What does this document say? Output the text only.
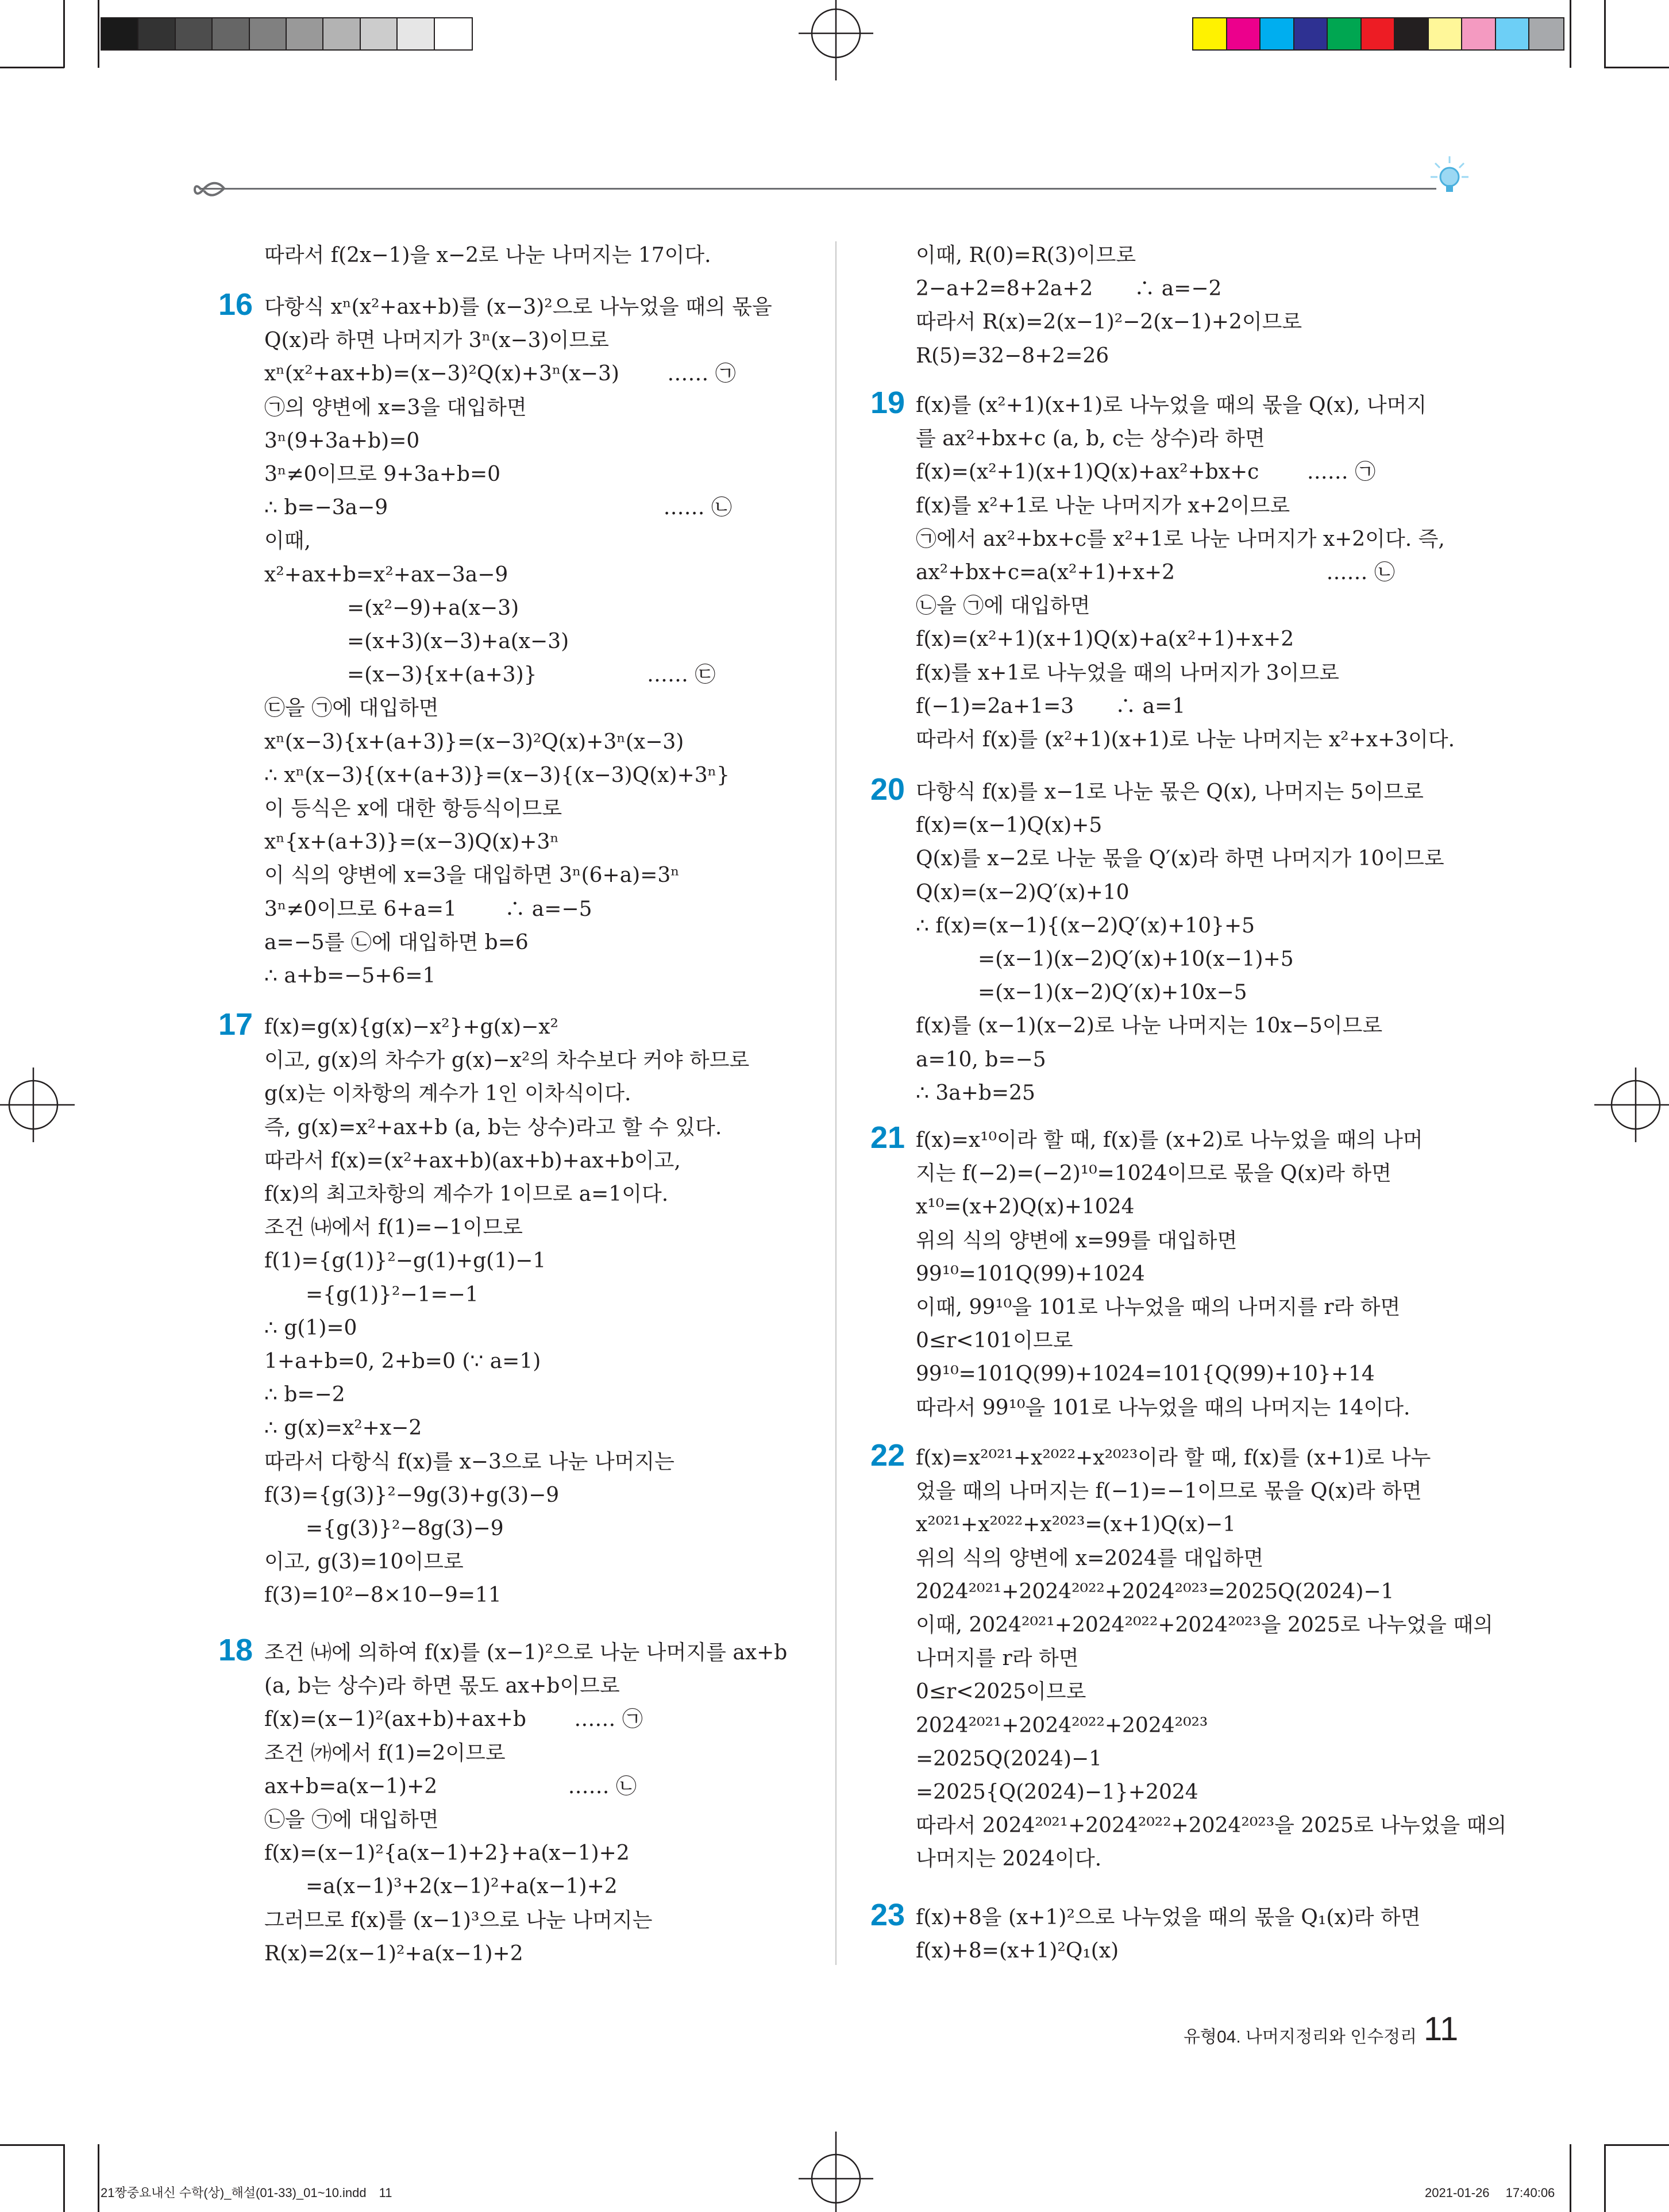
따라서 f(2x−1)을 x−2로 나눈 나머지는 17이다.
16 다항식 xⁿ(x²+ax+b)를 (x−3)²으로 나누었을 때의 몫을
Q(x)라 하면 나머지가 3ⁿ(x−3)이므로
xⁿ(x²+ax+b)=(x−3)²Q(x)+3ⁿ(x−3)　　 …… ㉠
㉠의 양변에 x=3을 대입하면
3ⁿ(9+3a+b)=0
3ⁿ≠0이므로 9+3a+b=0
∴ b=−3a−9　　　　　　　　　　　　　 …… ㉡
이때,
x²+ax+b=x²+ax−3a−9
　　　　=(x²−9)+a(x−3)
　　　　=(x+3)(x−3)+a(x−3)
　　　　=(x−3){x+(a+3)}　　　　　 …… ㉢
㉢을 ㉠에 대입하면
xⁿ(x−3){x+(a+3)}=(x−3)²Q(x)+3ⁿ(x−3)
∴ xⁿ(x−3){(x+(a+3)}=(x−3){(x−3)Q(x)+3ⁿ}
이 등식은 x에 대한 항등식이므로
xⁿ{x+(a+3)}=(x−3)Q(x)+3ⁿ
이 식의 양변에 x=3을 대입하면 3ⁿ(6+a)=3ⁿ
3ⁿ≠0이므로 6+a=1　　 ∴ a=−5
a=−5를 ㉡에 대입하면 b=6
∴ a+b=−5+6=1
17 f(x)=g(x){g(x)−x²}+g(x)−x²
이고, g(x)의 차수가 g(x)−x²의 차수보다 커야 하므로
g(x)는 이차항의 계수가 1인 이차식이다.
즉, g(x)=x²+ax+b (a, b는 상수)라고 할 수 있다.
따라서 f(x)=(x²+ax+b)(ax+b)+ax+b이고,
f(x)의 최고차항의 계수가 1이므로 a=1이다.
조건 ㈏에서 f(1)=−1이므로
f(1)={g(1)}²−g(1)+g(1)−1
　　={g(1)}²−1=−1
∴ g(1)=0
1+a+b=0, 2+b=0 (∵ a=1)
∴ b=−2
∴ g(x)=x²+x−2
따라서 다항식 f(x)를 x−3으로 나눈 나머지는
f(3)={g(3)}²−9g(3)+g(3)−9
　　={g(3)}²−8g(3)−9
이고, g(3)=10이므로
f(3)=10²−8×10−9=11
18 조건 ㈏에 의하여 f(x)를 (x−1)²으로 나눈 나머지를 ax+b
(a, b는 상수)라 하면 몫도 ax+b이므로
f(x)=(x−1)²(ax+b)+ax+b　　 …… ㉠
조건 ㈎에서 f(1)=2이므로
ax+b=a(x−1)+2　　　　　　 …… ㉡
㉡을 ㉠에 대입하면
f(x)=(x−1)²{a(x−1)+2}+a(x−1)+2
　　=a(x−1)³+2(x−1)²+a(x−1)+2
그러므로 f(x)를 (x−1)³으로 나눈 나머지는
R(x)=2(x−1)²+a(x−1)+2
이때, R(0)=R(3)이므로
2−a+2=8+2a+2　　∴ a=−2
따라서 R(x)=2(x−1)²−2(x−1)+2이므로
R(5)=32−8+2=26
19 f(x)를 (x²+1)(x+1)로 나누었을 때의 몫을 Q(x), 나머지
를 ax²+bx+c (a, b, c는 상수)라 하면
f(x)=(x²+1)(x+1)Q(x)+ax²+bx+c　　 …… ㉠
f(x)를 x²+1로 나눈 나머지가 x+2이므로
㉠에서 ax²+bx+c를 x²+1로 나눈 나머지가 x+2이다. 즉,
ax²+bx+c=a(x²+1)+x+2　　　　　　　 …… ㉡
㉡을 ㉠에 대입하면
f(x)=(x²+1)(x+1)Q(x)+a(x²+1)+x+2
f(x)를 x+1로 나누었을 때의 나머지가 3이므로
f(−1)=2a+1=3　　∴ a=1
따라서 f(x)를 (x²+1)(x+1)로 나눈 나머지는 x²+x+3이다.
20 다항식 f(x)를 x−1로 나눈 몫은 Q(x), 나머지는 5이므로
f(x)=(x−1)Q(x)+5
Q(x)를 x−2로 나눈 몫을 Q′(x)라 하면 나머지가 10이므로
Q(x)=(x−2)Q′(x)+10
∴ f(x)=(x−1){(x−2)Q′(x)+10}+5
　　　=(x−1)(x−2)Q′(x)+10(x−1)+5
　　　=(x−1)(x−2)Q′(x)+10x−5
f(x)를 (x−1)(x−2)로 나눈 나머지는 10x−5이므로
a=10, b=−5
∴ 3a+b=25
21 f(x)=x¹⁰이라 할 때, f(x)를 (x+2)로 나누었을 때의 나머
지는 f(−2)=(−2)¹⁰=1024이므로 몫을 Q(x)라 하면
x¹⁰=(x+2)Q(x)+1024
위의 식의 양변에 x=99를 대입하면
99¹⁰=101Q(99)+1024
이때, 99¹⁰을 101로 나누었을 때의 나머지를 r라 하면
0≤r<101이므로
99¹⁰=101Q(99)+1024=101{Q(99)+10}+14
따라서 99¹⁰을 101로 나누었을 때의 나머지는 14이다.
22 f(x)=x²⁰²¹+x²⁰²²+x²⁰²³이라 할 때, f(x)를 (x+1)로 나누
었을 때의 나머지는 f(−1)=−1이므로 몫을 Q(x)라 하면
x²⁰²¹+x²⁰²²+x²⁰²³=(x+1)Q(x)−1
위의 식의 양변에 x=2024를 대입하면
2024²⁰²¹+2024²⁰²²+2024²⁰²³=2025Q(2024)−1
이때, 2024²⁰²¹+2024²⁰²²+2024²⁰²³을 2025로 나누었을 때의
나머지를 r라 하면
0≤r<2025이므로
2024²⁰²¹+2024²⁰²²+2024²⁰²³
=2025Q(2024)−1
=2025{Q(2024)−1}+2024
따라서 2024²⁰²¹+2024²⁰²²+2024²⁰²³을 2025로 나누었을 때의
나머지는 2024이다.
23 f(x)+8을 (x+1)²으로 나누었을 때의 몫을 Q₁(x)라 하면
f(x)+8=(x+1)²Q₁(x)
유형04. 나머지정리와 인수정리 11
21짱중요내신 수학(상)_해설(01-33)_01~10.indd　11	2021-01-26　 17:40:06
